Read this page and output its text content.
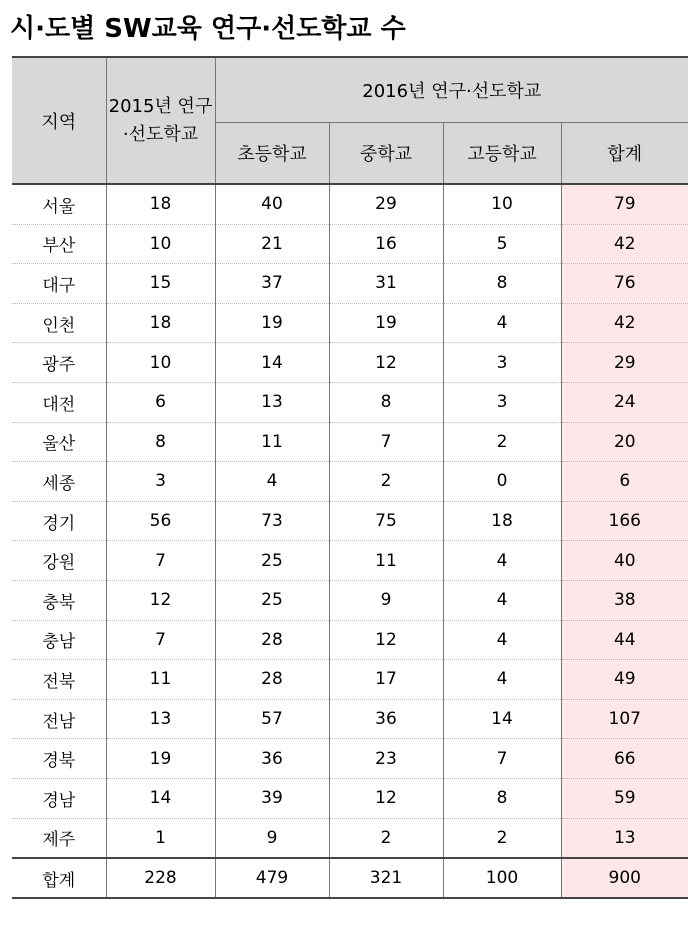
시·도별 SW교육 연구·선도학교 수
지역	2015년 연구·선도학교	2016년 연구·선도학교			
		초등학교	중학교	고등학교	합계
서울	18	40	29	10	79
부산	10	21	16	5	42
대구	15	37	31	8	76
인천	18	19	19	4	42
광주	10	14	12	3	29
대전	6	13	8	3	24
울산	8	11	7	2	20
세종	3	4	2	0	6
경기	56	73	75	18	166
강원	7	25	11	4	40
충북	12	25	9	4	38
충남	7	28	12	4	44
전북	11	28	17	4	49
전남	13	57	36	14	107
경북	19	36	23	7	66
경남	14	39	12	8	59
제주	1	9	2	2	13
합계	228	479	321	100	900
